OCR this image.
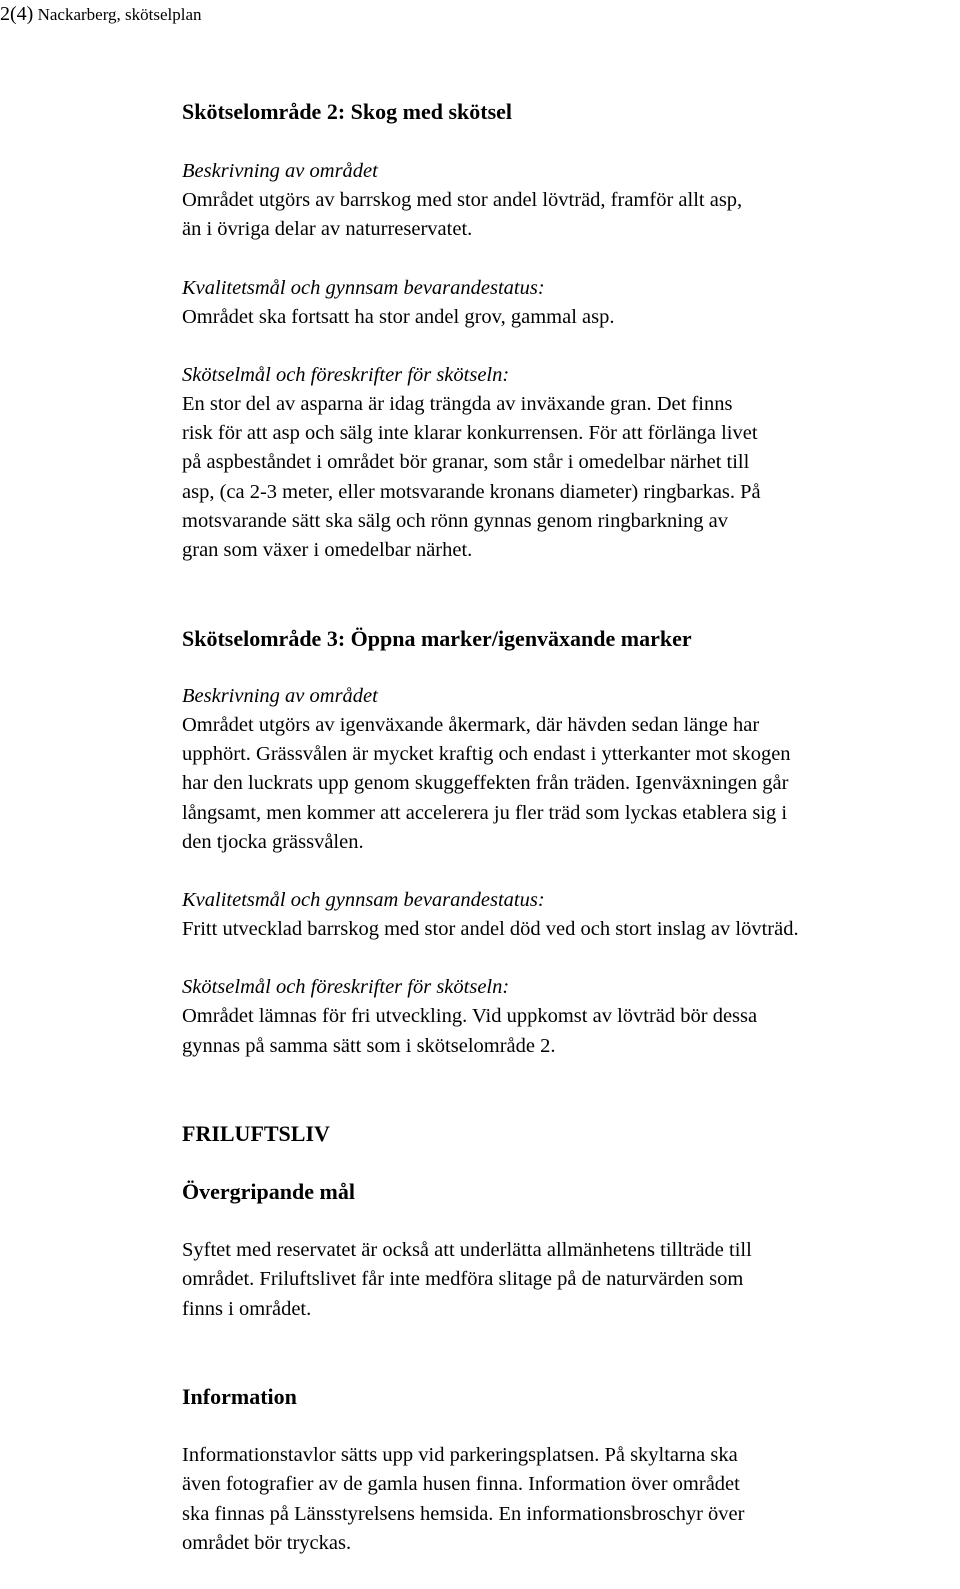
2(4) Nackarberg, skötselplan
Skötselområde 2: Skog med skötsel
Beskrivning av området
Området utgörs av barrskog med stor andel lövträd, framför allt asp,
än i övriga delar av naturreservatet.
Kvalitetsmål och gynnsam bevarandestatus:
Området ska fortsatt ha stor andel grov, gammal asp.
Skötselmål och föreskrifter för skötseln:
En stor del av asparna är idag trängda av inväxande gran. Det finns
risk för att asp och sälg inte klarar konkurrensen. För att förlänga livet
på aspbeståndet i området bör granar, som står i omedelbar närhet till
asp, (ca 2-3 meter, eller motsvarande kronans diameter) ringbarkas. På
motsvarande sätt ska sälg och rönn gynnas genom ringbarkning av
gran som växer i omedelbar närhet.
Skötselområde 3: Öppna marker/igenväxande marker
Beskrivning av området
Området utgörs av igenväxande åkermark, där hävden sedan länge har
upphört. Grässvålen är mycket kraftig och endast i ytterkanter mot skogen
har den luckrats upp genom skuggeffekten från träden. Igenväxningen går
långsamt, men kommer att accelerera ju fler träd som lyckas etablera sig i
den tjocka grässvålen.
Kvalitetsmål och gynnsam bevarandestatus:
Fritt utvecklad barrskog med stor andel död ved och stort inslag av lövträd.
Skötselmål och föreskrifter för skötseln:
Området lämnas för fri utveckling. Vid uppkomst av lövträd bör dessa
gynnas på samma sätt som i skötselområde 2.
FRILUFTSLIV
Övergripande mål
Syftet med reservatet är också att underlätta allmänhetens tillträde till
området. Friluftslivet får inte medföra slitage på de naturvärden som
finns i området.
Information
Informationstavlor sätts upp vid parkeringsplatsen. På skyltarna ska
även fotografier av de gamla husen finna. Information över området
ska finnas på Länsstyrelsens hemsida. En informationsbroschyr över
området bör tryckas.
